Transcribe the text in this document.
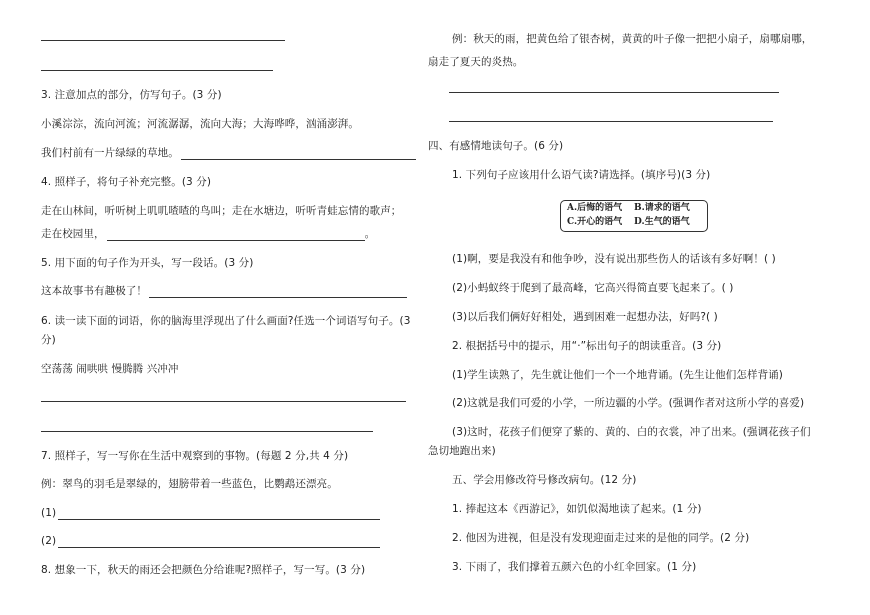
3. 注意加点的部分，仿写句子。(3 分)
小溪淙淙，流向河流；河流潺潺，流向大海；大海哗哗，汹涌澎湃。
我们村前有一片绿绿的草地。
4. 照样子，将句子补充完整。(3 分)
走在山林间，听听树上叽叽喳喳的鸟叫；走在水塘边，听听青蛙忘情的歌声；
走在校园里，	。
5. 用下面的句子作为开头，写一段话。(3 分)
这本故事书有趣极了！
6. 读一读下面的词语，你的脑海里浮现出了什么画面?任选一个词语写句子。(3
分)
空荡荡 闹哄哄 慢腾腾 兴冲冲
7. 照样子，写一写你在生活中观察到的事物。(每题 2 分,共 4 分)
例：翠鸟的羽毛是翠绿的，翅膀带着一些蓝色，比鹦鹉还漂亮。
(1)
(2)
8. 想象一下，秋天的雨还会把颜色分给谁呢?照样子，写一写。(3 分)
例：秋天的雨，把黄色给了银杏树，黄黄的叶子像一把把小扇子，扇哪扇哪，
扇走了夏天的炎热。
四、有感情地读句子。(6 分)
1. 下列句子应该用什么语气读?请选择。(填序号)(3 分)
A.后悔的语气	B.请求的语气
C.开心的语气	D.生气的语气
(1)啊，要是我没有和他争吵，没有说出那些伤人的话该有多好啊！( )
(2)小蚂蚁终于爬到了最高峰，它高兴得简直要飞起来了。( )
(3)以后我们俩好好相处，遇到困难一起想办法，好吗?( )
2. 根据括号中的提示，用“·”标出句子的朗读重音。(3 分)
(1)学生读熟了，先生就让他们一个一个地背诵。(先生让他们怎样背诵)
(2)这就是我们可爱的小学，一所边疆的小学。(强调作者对这所小学的喜爱)
(3)这时，花孩子们便穿了紫的、黄的、白的衣裳，冲了出来。(强调花孩子们
急切地跑出来)
五、学会用修改符号修改病句。(12 分)
1. 捧起这本《西游记》，如饥似渴地读了起来。(1 分)
2. 他因为进视，但是没有发现迎面走过来的是他的同学。(2 分)
3. 下雨了，我们撑着五颜六色的小红伞回家。(1 分)
